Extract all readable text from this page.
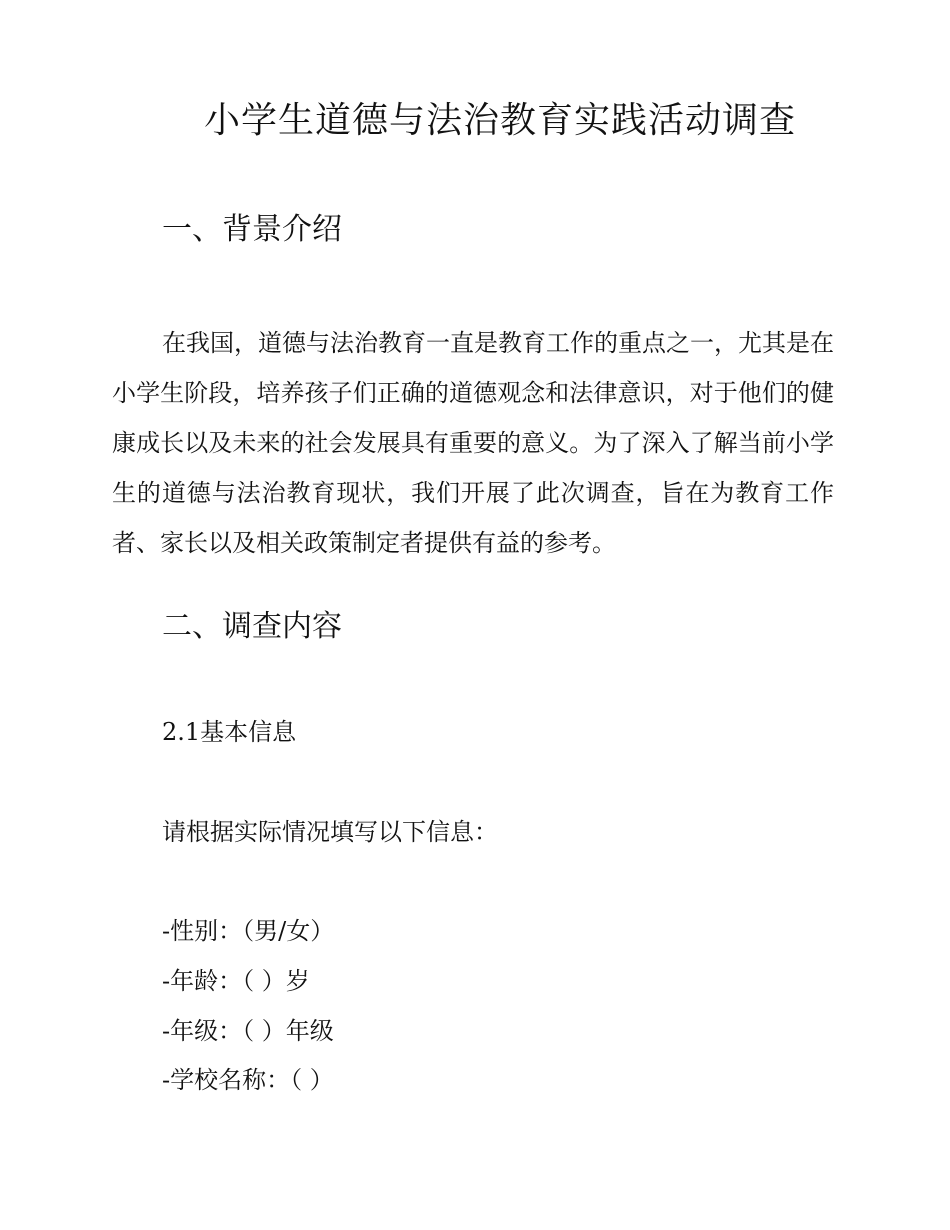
小学生道德与法治教育实践活动调查
一、背景介绍
在我国，道德与法治教育一直是教育工作的重点之一，尤其是在小学生阶段，培养孩子们正确的道德观念和法律意识，对于他们的健康成长以及未来的社会发展具有重要的意义。为了深入了解当前小学生的道德与法治教育现状，我们开展了此次调查，旨在为教育工作者、家长以及相关政策制定者提供有益的参考。
二、调查内容
2.1基本信息
请根据实际情况填写以下信息：
-性别：（男/女）
-年龄：（ ）岁
-年级：（ ）年级
-学校名称：（ ）
